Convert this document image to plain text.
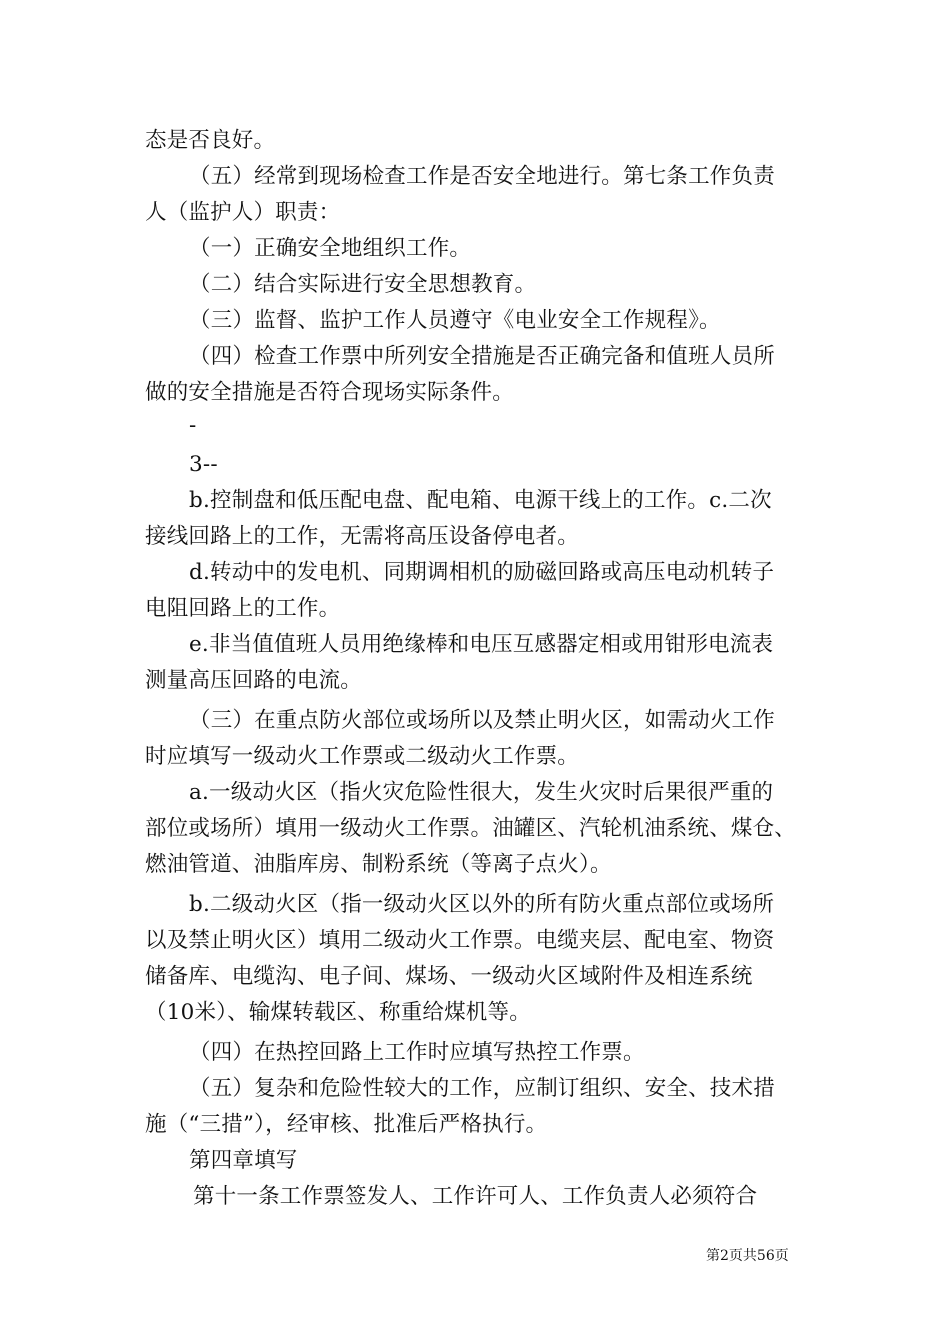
态是否良好。
（五）经常到现场检查工作是否安全地进行。第七条工作负责
人（监护人）职责：
（一）正确安全地组织工作。
（二）结合实际进行安全思想教育。
（三）监督、监护工作人员遵守《电业安全工作规程》。
（四）检查工作票中所列安全措施是否正确完备和值班人员所
做的安全措施是否符合现场实际条件。
-
3--
b.控制盘和低压配电盘、配电箱、电源干线上的工作。c.二次
接线回路上的工作，无需将高压设备停电者。
d.转动中的发电机、同期调相机的励磁回路或高压电动机转子
电阻回路上的工作。
e.非当值值班人员用绝缘棒和电压互感器定相或用钳形电流表
测量高压回路的电流。
（三）在重点防火部位或场所以及禁止明火区，如需动火工作
时应填写一级动火工作票或二级动火工作票。
a.一级动火区（指火灾危险性很大，发生火灾时后果很严重的
部位或场所）填用一级动火工作票。油罐区、汽轮机油系统、煤仓、
燃油管道、油脂库房、制粉系统（等离子点火）。
b.二级动火区（指一级动火区以外的所有防火重点部位或场所
以及禁止明火区）填用二级动火工作票。电缆夹层、配电室、物资
储备库、电缆沟、电子间、煤场、一级动火区域附件及相连系统
（10米）、输煤转载区、称重给煤机等。
（四）在热控回路上工作时应填写热控工作票。
（五）复杂和危险性较大的工作，应制订组织、安全、技术措
施（“三措”），经审核、批准后严格执行。
第四章填写
第十一条工作票签发人、工作许可人、工作负责人必须符合
第2页共56页
